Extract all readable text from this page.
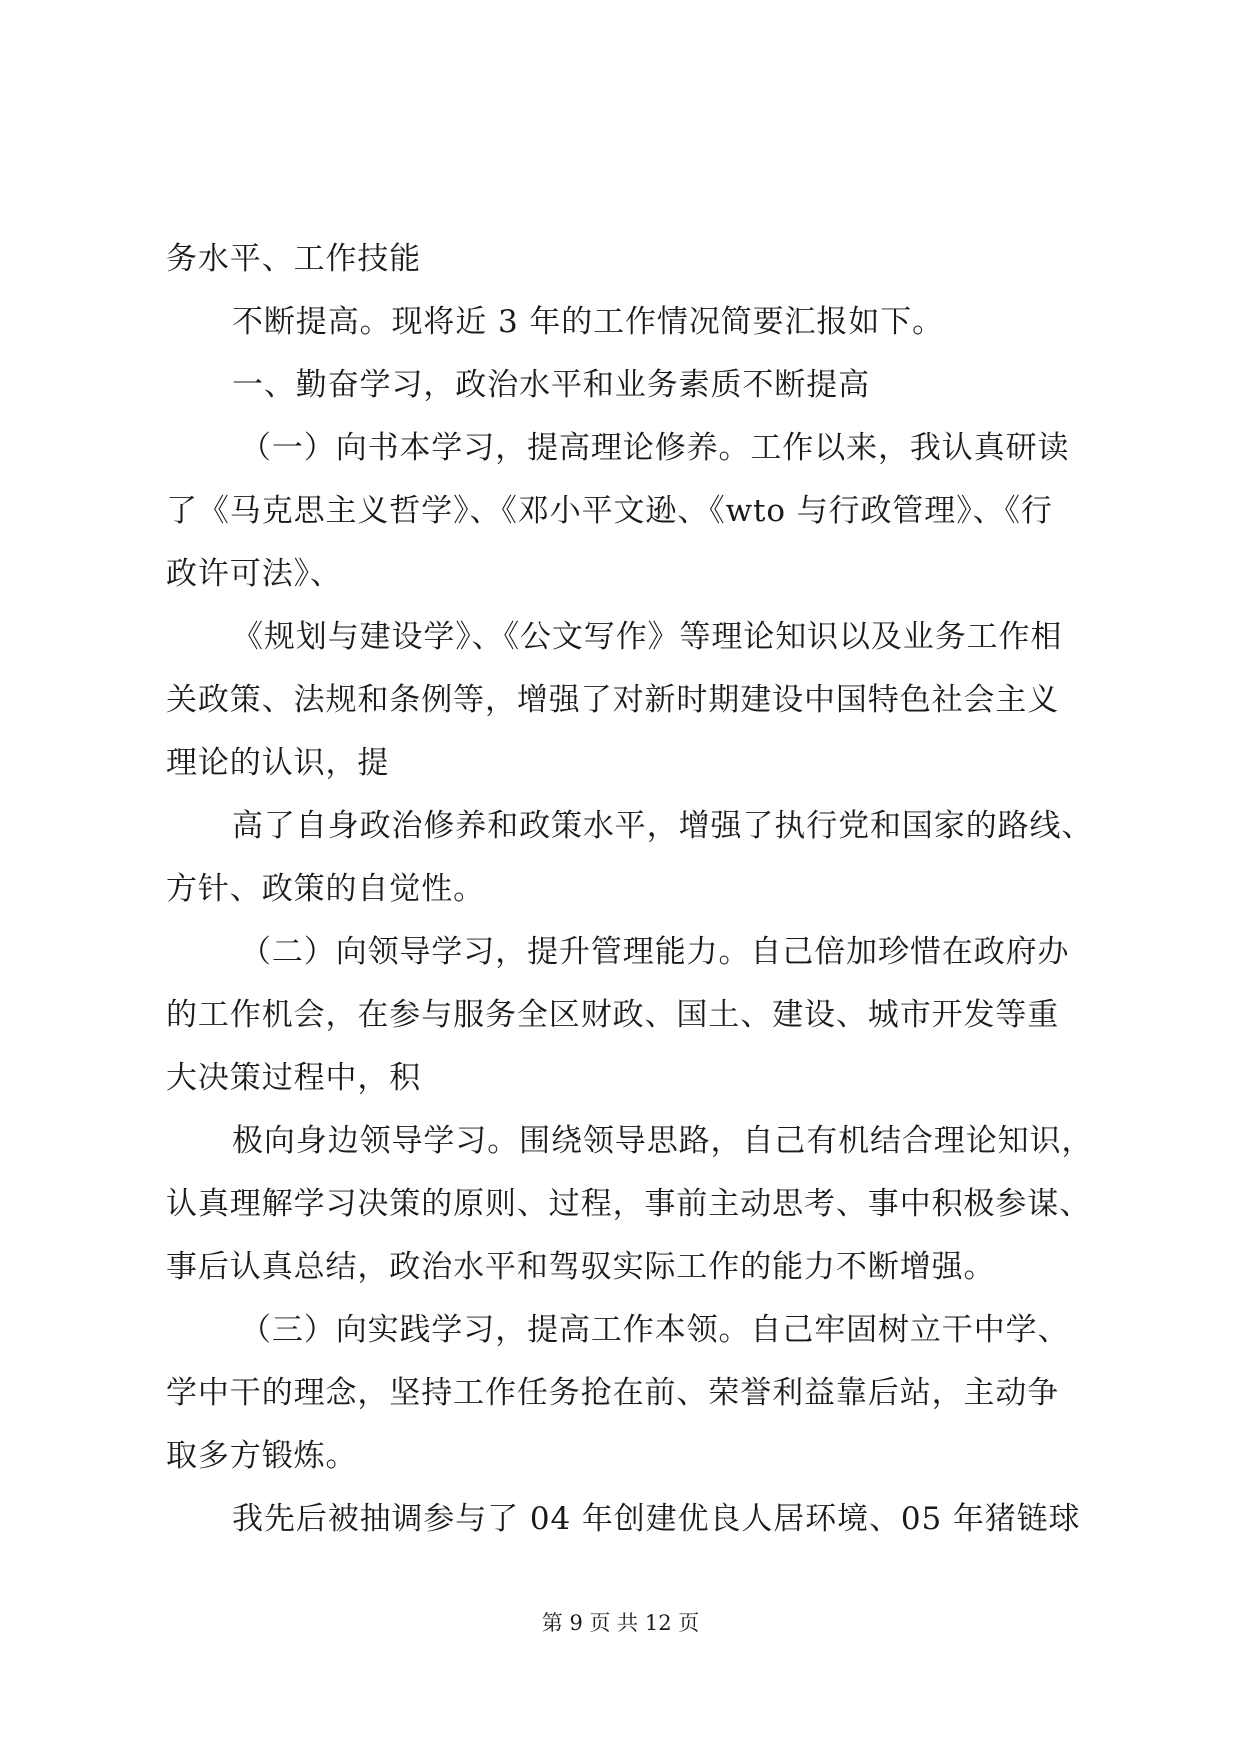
务水平、工作技能
不断提高。现将近 3 年的工作情况简要汇报如下。
一、勤奋学习，政治水平和业务素质不断提高
（一）向书本学习，提高理论修养。工作以来，我认真研读
了《马克思主义哲学》、《邓小平文逊、《wto 与行政管理》、《行
政许可法》、
《规划与建设学》、《公文写作》等理论知识以及业务工作相
关政策、法规和条例等，增强了对新时期建设中国特色社会主义
理论的认识，提
高了自身政治修养和政策水平，增强了执行党和国家的路线、
方针、政策的自觉性。
（二）向领导学习，提升管理能力。自己倍加珍惜在政府办
的工作机会，在参与服务全区财政、国土、建设、城市开发等重
大决策过程中，积
极向身边领导学习。围绕领导思路，自己有机结合理论知识，
认真理解学习决策的原则、过程，事前主动思考、事中积极参谋、
事后认真总结，政治水平和驾驭实际工作的能力不断增强。
（三）向实践学习，提高工作本领。自己牢固树立干中学、
学中干的理念，坚持工作任务抢在前、荣誉利益靠后站，主动争
取多方锻炼。
我先后被抽调参与了 04 年创建优良人居环境、05 年猪链球
第 9 页 共 12 页
